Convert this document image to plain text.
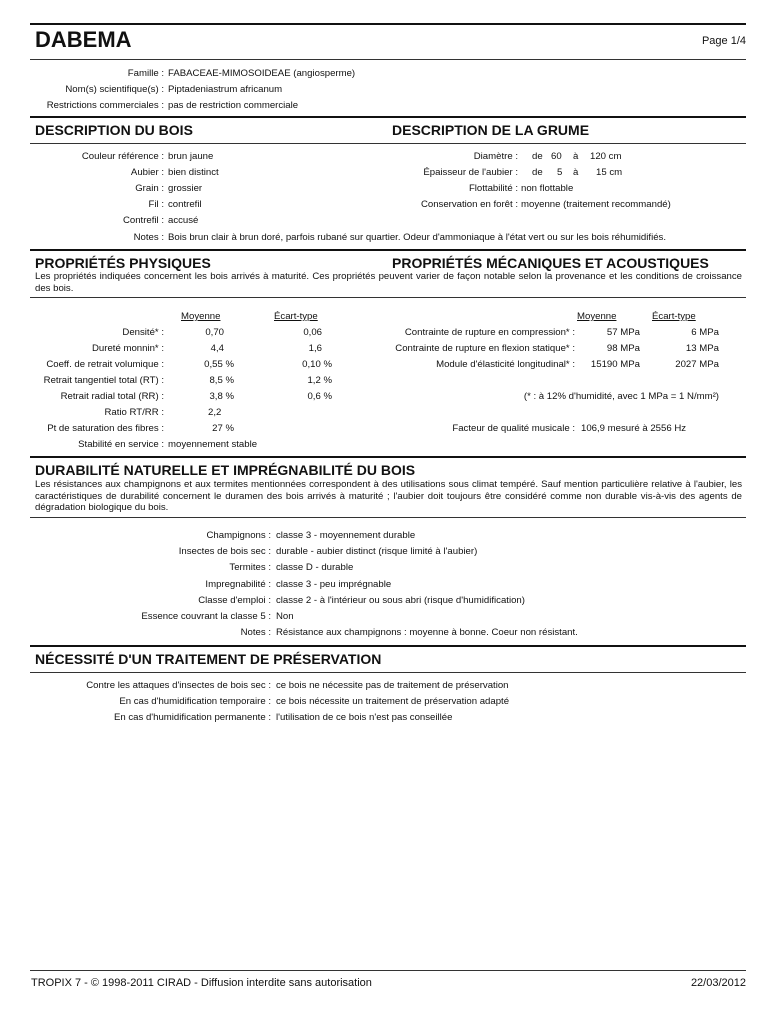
DABEMA	Page 1/4
Famille : FABACEAE-MIMOSOIDEAE (angiosperme)
Nom(s) scientifique(s) : Piptadeniastrum africanum
Restrictions commerciales : pas de restriction commerciale
DESCRIPTION DU BOIS	DESCRIPTION DE LA GRUME
Couleur référence : brun jaune
Aubier : bien distinct
Grain : grossier
Fil : contrefil
Contrefil : accusé
Notes : Bois brun clair à brun doré, parfois rubané sur quartier. Odeur d'ammoniaque à l'état vert ou sur les bois réhumidifiés.
Diamètre : de 60 à 120 cm
Épaisseur de l'aubier : de 5 à 15 cm
Flottabilité : non flottable
Conservation en forêt : moyenne (traitement recommandé)
PROPRIÉTÉS PHYSIQUES	PROPRIÉTÉS MÉCANIQUES ET ACOUSTIQUES
Les propriétés indiquées concernent les bois arrivés à maturité. Ces propriétés peuvent varier de façon notable selon la provenance et les conditions de croissance des bois.
Moyenne	Écart-type
Densité* :	0,70	0,06
Dureté monnin* :	4,4	1,6
Coeff. de retrait volumique :	0,55 %	0,10 %
Retrait tangentiel total (RT) :	8,5 %	1,2 %
Retrait radial total (RR) :	3,8 %	0,6 %
Ratio RT/RR :	2,2
Pt de saturation des fibres :	27 %
Stabilité en service : moyennement stable
Moyenne	Écart-type
Contrainte de rupture en compression* :	57 MPa	6 MPa
Contrainte de rupture en flexion statique* :	98 MPa	13 MPa
Module d'élasticité longitudinal* : 15190 MPa	2027 MPa
(* : à 12% d'humidité, avec 1 MPa = 1 N/mm²)
Facteur de qualité musicale : 106,9 mesuré à 2556 Hz
DURABILITÉ NATURELLE ET IMPRÉGNABILITÉ DU BOIS
Les résistances aux champignons et aux termites mentionnées correspondent à des utilisations sous climat tempéré. Sauf mention particulière relative à l'aubier, les caractéristiques de durabilité concernent le duramen des bois arrivés à maturité ; l'aubier doit toujours être considéré comme non durable vis-à-vis des agents de dégradation biologique du bois.
Champignons : classe 3 - moyennement durable
Insectes de bois sec : durable - aubier distinct (risque limité à l'aubier)
Termites : classe D - durable
Impregnabilité : classe 3 - peu imprégnable
Classe d'emploi : classe 2 - à l'intérieur ou sous abri (risque d'humidification)
Essence couvrant la classe 5 : Non
Notes : Résistance aux champignons : moyenne à bonne. Coeur non résistant.
NÉCESSITÉ D'UN TRAITEMENT DE PRÉSERVATION
Contre les attaques d'insectes de bois sec : ce bois ne nécessite pas de traitement de préservation
En cas d'humidification temporaire : ce bois nécessite un traitement de préservation adapté
En cas d'humidification permanente : l'utilisation de ce bois n'est pas conseillée
TROPIX 7 - © 1998-2011 CIRAD - Diffusion interdite sans autorisation	22/03/2012
